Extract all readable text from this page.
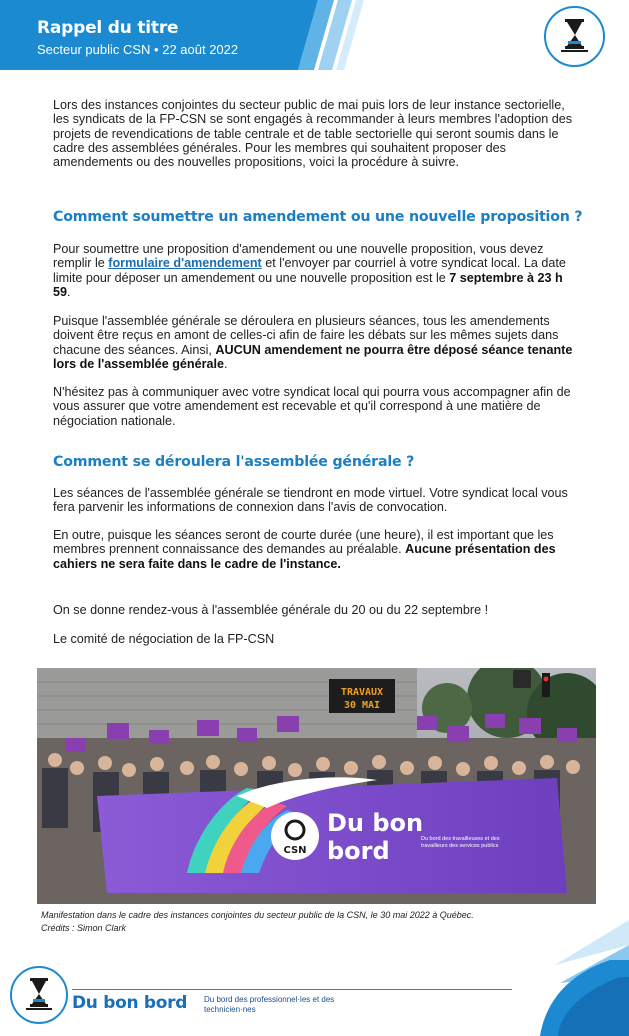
Rappel du titre
Secteur public CSN • 22 août 2022

Lors des instances conjointes du secteur public de mai puis lors de leur instance sectorielle, les syndicats de la FP-CSN se sont engagés à recommander à leurs membres l'adoption des projets de revendications de table centrale et de table sectorielle qui seront soumis dans le cadre des assemblées générales. Pour les membres qui souhaitent proposer des amendements ou des nouvelles propositions, voici la procédure à suivre.

Comment soumettre un amendement ou une nouvelle proposition ?

Pour soumettre une proposition d'amendement ou une nouvelle proposition, vous devez remplir le formulaire d'amendement et l'envoyer par courriel à votre syndicat local. La date limite pour déposer un amendement ou une nouvelle proposition est le 7 septembre à 23 h 59.

Puisque l'assemblée générale se déroulera en plusieurs séances, tous les amendements doivent être reçus en amont de celles-ci afin de faire les débats sur les mêmes sujets dans chacune des séances. Ainsi, AUCUN amendement ne pourra être déposé séance tenante lors de l'assemblée générale.

N'hésitez pas à communiquer avec votre syndicat local qui pourra vous accompagner afin de vous assurer que votre amendement est recevable et qu'il correspond à une matière de négociation nationale.

Comment se déroulera l'assemblée générale ?

Les séances de l'assemblée générale se tiendront en mode virtuel. Votre syndicat local vous fera parvenir les informations de connexion dans l'avis de convocation.

En outre, puisque les séances seront de courte durée (une heure), il est important que les membres prennent connaissance des demandes au préalable. Aucune présentation des cahiers ne sera faite dans le cadre de l'instance.

On se donne rendez-vous à l'assemblée générale du 20 ou du 22 septembre !

Le comité de négociation de la FP-CSN

TRAVAUX
30 MAI
CSN
Du bon
bord	Du bord des travailleuses et des travailleurs des services publics
Manifestation dans le cadre des instances conjointes du secteur public de la CSN, le 30 mai 2022 à Québec.
Crédits : Simon Clark
Du bon bord Du bord des professionnel·les et des technicien·nes	2
